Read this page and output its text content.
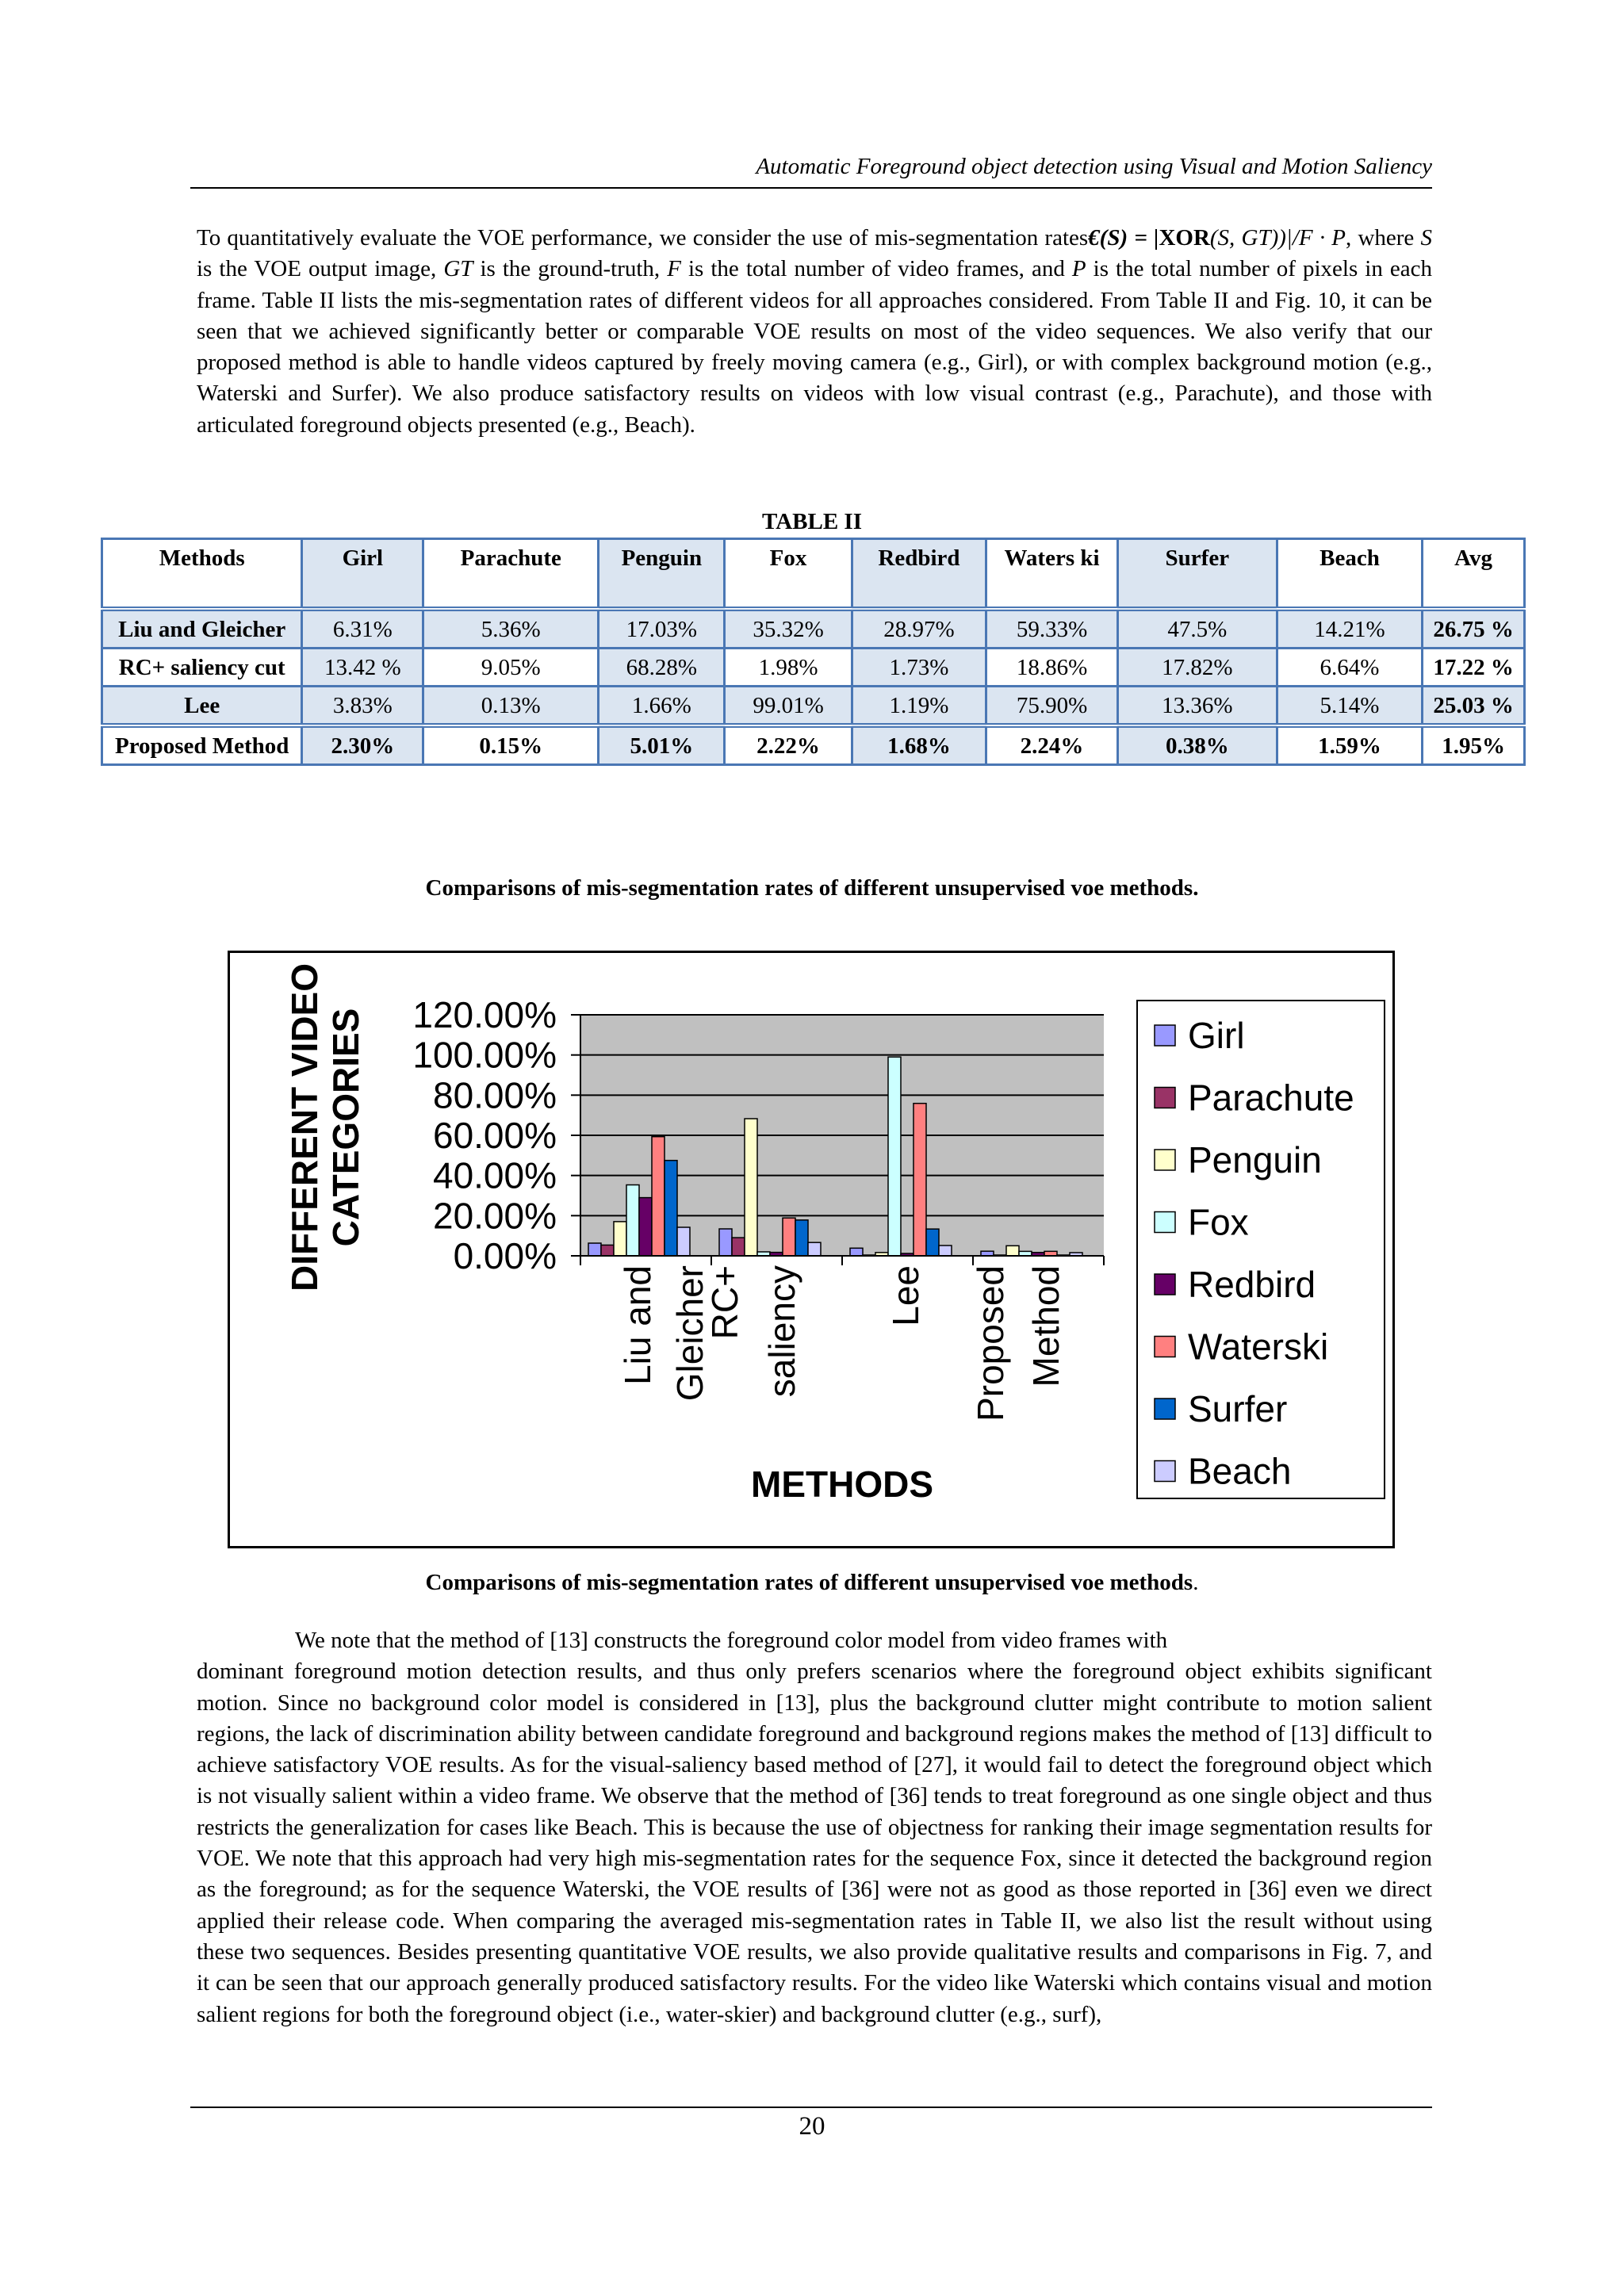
Automatic Foreground object detection using Visual and Motion Saliency

To quantitatively evaluate the VOE performance, we consider the use of mis-segmentation rates€(S) = |XOR(S, GT))|/F · P, where S is the VOE output image, GT is the ground-truth, F is the total number of video frames, and P is the total number of pixels in each frame. Table II lists the mis-segmentation rates of different videos for all approaches considered. From Table II and Fig. 10, it can be seen that we achieved significantly better or comparable VOE results on most of the video sequences. We also verify that our proposed method is able to handle videos captured by freely moving camera (e.g., Girl), or with complex background motion (e.g., Waterski and Surfer). We also produce satisfactory results on videos with low visual contrast (e.g., Parachute), and those with articulated foreground objects presented (e.g., Beach).

TABLE II
Methods	Girl	Parachute	Penguin	Fox	Redbird	Waters ki	Surfer	Beach	Avg
Liu and Gleicher	6.31%	5.36%	17.03%	35.32%	28.97%	59.33%	47.5%	14.21%	26.75 %
RC+ saliency cut	13.42 %	9.05%	68.28%	1.98%	1.73%	18.86%	17.82%	6.64%	17.22 %
Lee	3.83%	0.13%	1.66%	99.01%	1.19%	75.90%	13.36%	5.14%	25.03 %
Proposed Method	2.30%	0.15%	5.01%	2.22%	1.68%	2.24%	0.38%	1.59%	1.95%
Comparisons of mis-segmentation rates of different unsupervised voe methods.
0.00%
20.00%
40.00%
60.00%
80.00%
100.00%
120.00%
Liu and Gleicher
RC+ saliency Lee Proposed Method
METHODS
DIFFERENT VIDEO CATEGORIES	Girl
Parachute
Penguin
Fox
Redbird
Waterski
Surfer
Beach
Comparisons of mis-segmentation rates of different unsupervised voe methods.

We note that the method of [13] constructs the foreground color model from video frames with
dominant foreground motion detection results, and thus only prefers scenarios where the foreground object exhibits significant motion. Since no background color model is considered in [13], plus the background clutter might contribute to motion salient regions, the lack of discrimination ability between candidate foreground and background regions makes the method of [13] difficult to achieve satisfactory VOE results. As for the visual-saliency based method of [27], it would fail to detect the foreground object which is not visually salient within a video frame. We observe that the method of [36] tends to treat foreground as one single object and thus restricts the generalization for cases like Beach. This is because the use of objectness for ranking their image segmentation results for VOE. We note that this approach had very high mis-segmentation rates for the sequence Fox, since it detected the background region as the foreground; as for the sequence Waterski, the VOE results of [36] were not as good as those reported in [36] even we direct applied their release code. When comparing the averaged mis-segmentation rates in Table II, we also list the result without using these two sequences. Besides presenting quantitative VOE results, we also provide qualitative results and comparisons in Fig. 7, and it can be seen that our approach generally produced satisfactory results. For the video like Waterski which contains visual and motion salient regions for both the foreground object (i.e., water-skier) and background clutter (e.g., surf),

20
